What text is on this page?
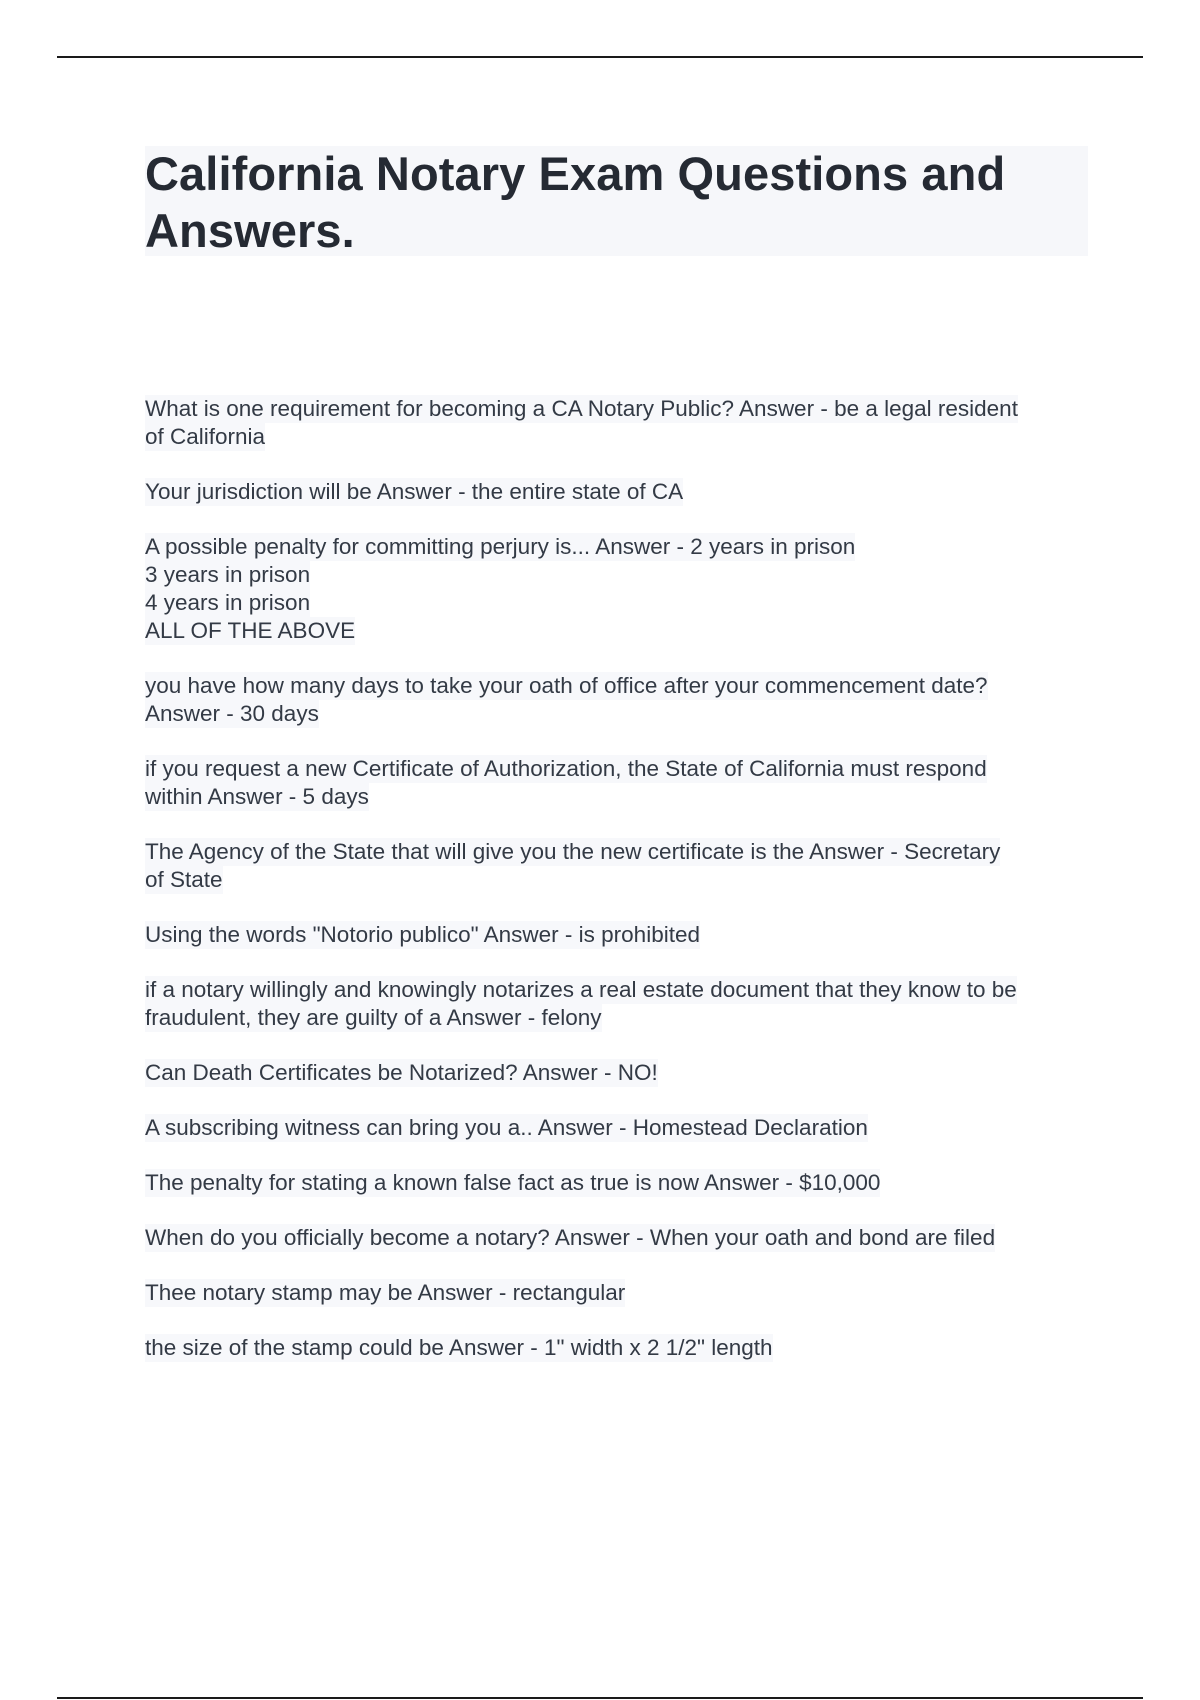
California Notary Exam Questions and Answers.
What is one requirement for becoming a CA Notary Public? Answer - be a legal resident
of California
Your jurisdiction will be Answer - the entire state of CA
A possible penalty for committing perjury is... Answer - 2 years in prison
3 years in prison
4 years in prison
ALL OF THE ABOVE
you have how many days to take your oath of office after your commencement date?
Answer - 30 days
if you request a new Certificate of Authorization, the State of California must respond
within Answer - 5 days
The Agency of the State that will give you the new certificate is the Answer - Secretary
of State
Using the words "Notorio publico" Answer - is prohibited
if a notary willingly and knowingly notarizes a real estate document that they know to be
fraudulent, they are guilty of a Answer - felony
Can Death Certificates be Notarized? Answer - NO!
A subscribing witness can bring you a.. Answer - Homestead Declaration
The penalty for stating a known false fact as true is now Answer - $10,000
When do you officially become a notary? Answer - When your oath and bond are filed
Thee notary stamp may be Answer - rectangular
the size of the stamp could be Answer - 1" width x 2 1/2" length
